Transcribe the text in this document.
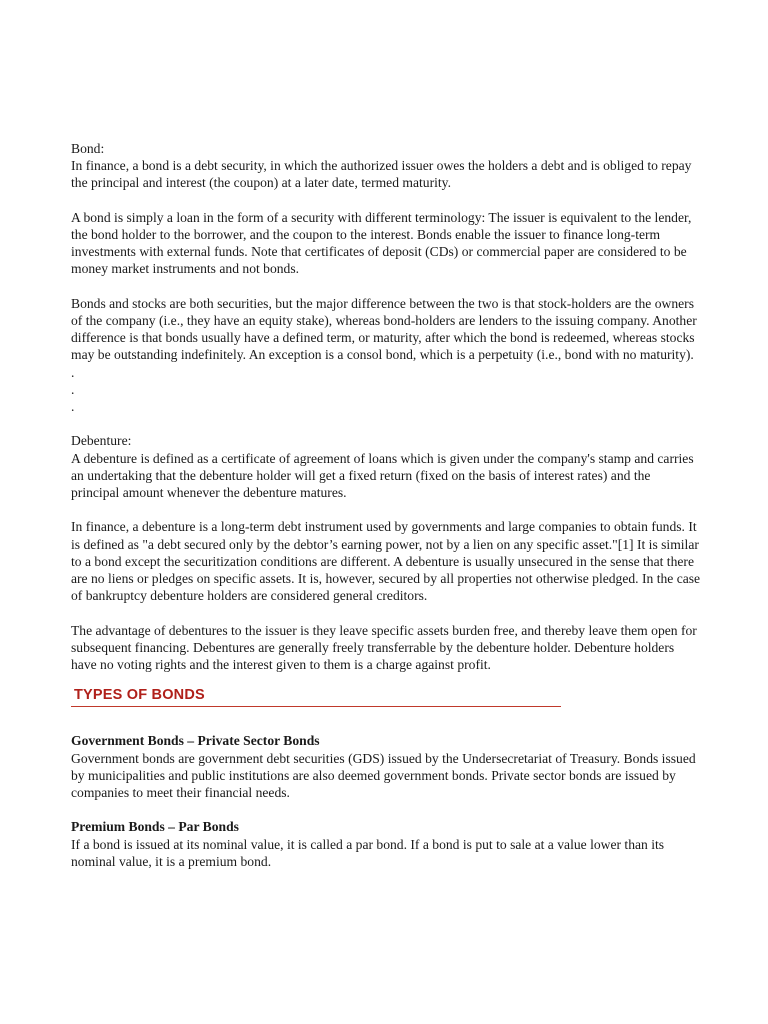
Bond:

In finance, a bond is a debt security, in which the authorized issuer owes the holders a debt and is obliged to repay the principal and interest (the coupon) at a later date, termed maturity.

A bond is simply a loan in the form of a security with different terminology: The issuer is equivalent to the lender, the bond holder to the borrower, and the coupon to the interest. Bonds enable the issuer to finance long-term investments with external funds. Note that certificates of deposit (CDs) or commercial paper are considered to be money market instruments and not bonds.

Bonds and stocks are both securities, but the major difference between the two is that stock-holders are the owners of the company (i.e., they have an equity stake), whereas bond-holders are lenders to the issuing company. Another difference is that bonds usually have a defined term, or maturity, after which the bond is redeemed, whereas stocks may be outstanding indefinitely. An exception is a consol bond, which is a perpetuity (i.e., bond with no maturity).

.
.
.

Debenture:

A debenture is defined as a certificate of agreement of loans which is given under the company's stamp and carries an undertaking that the debenture holder will get a fixed return (fixed on the basis of interest rates) and the principal amount whenever the debenture matures.

In finance, a debenture is a long-term debt instrument used by governments and large companies to obtain funds. It is defined as "a debt secured only by the debtor’s earning power, not by a lien on any specific asset."[1] It is similar to a bond except the securitization conditions are different. A debenture is usually unsecured in the sense that there are no liens or pledges on specific assets. It is, however, secured by all properties not otherwise pledged. In the case of bankruptcy debenture holders are considered general creditors.

The advantage of debentures to the issuer is they leave specific assets burden free, and thereby leave them open for subsequent financing. Debentures are generally freely transferrable by the debenture holder. Debenture holders have no voting rights and the interest given to them is a charge against profit.

TYPES OF BONDS

Government Bonds – Private Sector Bonds

Government bonds are government debt securities (GDS) issued by the Undersecretariat of Treasury. Bonds issued by municipalities and public institutions are also deemed government bonds. Private sector bonds are issued by companies to meet their financial needs.

Premium Bonds – Par Bonds

If a bond is issued at its nominal value, it is called a par bond. If a bond is put to sale at a value lower than its nominal value, it is a premium bond.
